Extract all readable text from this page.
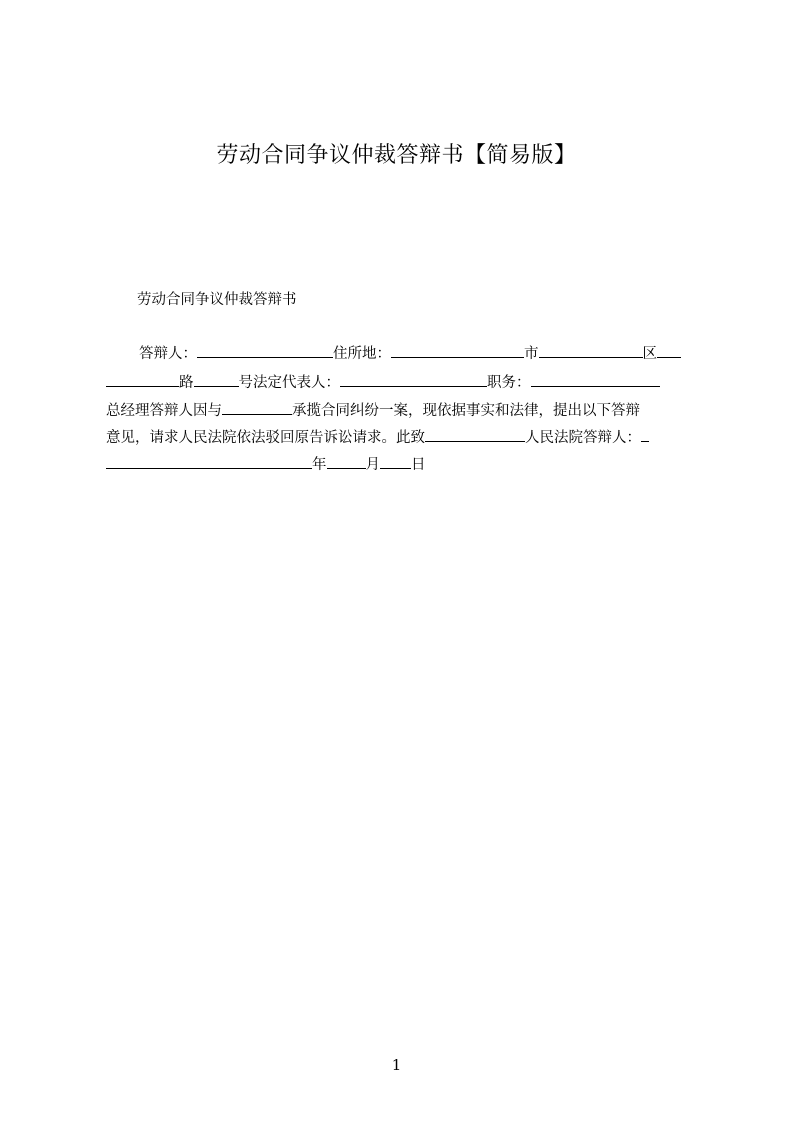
劳动合同争议仲裁答辩书【简易版】
劳动合同争议仲裁答辩书
答辩人：	住所地：	市	区
路	号法定代表人：	职务：
总经理答辩人因与	承揽合同纠纷一案，现依据事实和法律，提出以下答辩
意见，请求人民法院依法驳回原告诉讼请求。此致	人民法院答辩人：
年	月 日
1
